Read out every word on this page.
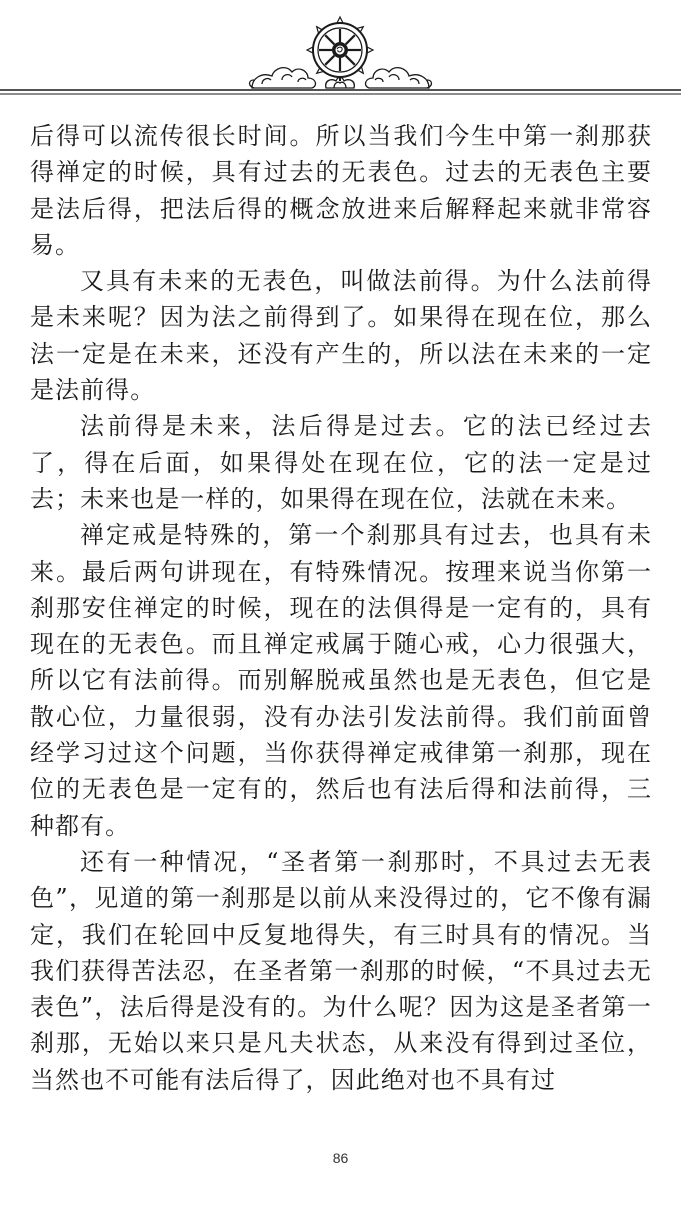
后得可以流传很长时间。所以当我们今生中第一刹那获得禅定的时候，具有过去的无表色。过去的无表色主要是法后得，把法后得的概念放进来后解释起来就非常容易。

又具有未来的无表色，叫做法前得。为什么法前得是未来呢？因为法之前得到了。如果得在现在位，那么法一定是在未来，还没有产生的，所以法在未来的一定是法前得。

法前得是未来，法后得是过去。它的法已经过去了，得在后面，如果得处在现在位，它的法一定是过去；未来也是一样的，如果得在现在位，法就在未来。

禅定戒是特殊的，第一个刹那具有过去，也具有未来。最后两句讲现在，有特殊情况。按理来说当你第一刹那安住禅定的时候，现在的法俱得是一定有的，具有现在的无表色。而且禅定戒属于随心戒，心力很强大，所以它有法前得。而别解脱戒虽然也是无表色，但它是散心位，力量很弱，没有办法引发法前得。我们前面曾经学习过这个问题，当你获得禅定戒律第一刹那，现在位的无表色是一定有的，然后也有法后得和法前得，三种都有。

还有一种情况，“圣者第一刹那时，不具过去无表色”，见道的第一刹那是以前从来没得过的，它不像有漏定，我们在轮回中反复地得失，有三时具有的情况。当我们获得苦法忍，在圣者第一刹那的时候，“不具过去无表色”，法后得是没有的。为什么呢？因为这是圣者第一刹那，无始以来只是凡夫状态，从来没有得到过圣位，当然也不可能有法后得了，因此绝对也不具有过

86
